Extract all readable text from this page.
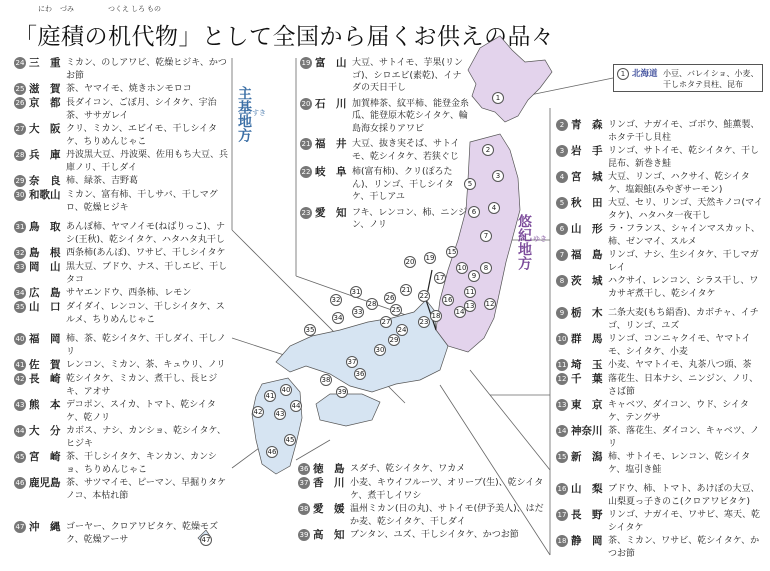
「庭積の机代物」として全国から届くお供えの品々
にわ づみ	つくえ しろ もの
主基地方 すき
悠紀地方 ゆき
1 北海道 小豆、バレイショ、小麦、干しホタテ貝柱、昆布
24 三　重 ミカン、のしアワビ、乾燥ヒジキ、かつお節
25 滋　賀 茶、ヤマイモ、焼きホンモロコ
26 京　都 長ダイコン、ごぼ月、シイタケ、宇治茶、ササガレイ
27 大　阪 クリ、ミカン、エビイモ、干しシイタケ、ちりめんじゃこ
28 兵　庫 丹波黒大豆、丹波栗、佐用もち大豆、兵庫ノリ、干しダイ
29 奈　良 柿、緑茶、吉野葛
30 和歌山 ミカン、富有柿、干しサバ、干しマグロ、乾燥ヒジキ
31 鳥　取 あんぽ柿、ヤマノイモ(ねばりっこ)、ナシ(王秋)、乾シイタケ、ハタハタ丸干し
32 島　根 西条柿(あんぽ)、ワサビ、干しシイタケ
33 岡　山 黒大豆、ブドウ、ナス、干しエビ、干しタコ
34 広　島 サヤエンドウ、西条柿、レモン
35 山　口 ダイダイ、レンコン、干しシイタケ、スルメ、ちりめんじゃこ
40 福　岡 柿、茶、乾シイタケ、干しダイ、干しノリ
41 佐　賀 レンコン、ミカン、茶、キュウリ、ノリ
42 長　崎 乾シイタケ、ミカン、煮干し、長ヒジキ、アオサ
43 熊　本 デコポン、スイカ、トマト、乾シイタケ、乾ノリ
44 大　分 カボス、ナシ、カンショ、乾シイタケ、ヒジキ
45 宮　崎 茶、干しシイタケ、キンカン、カンショ、ちりめんじゃこ
46 鹿児島 茶、サツマイモ、ピーマン、早掘りタケノコ、本枯れ節
47 沖　縄 ゴーヤー、クロアワビタケ、乾燥モズク、乾燥アーサ
19 富　山 大豆、サトイモ、芋果(リンゴ)、シロエビ(素乾)、イナダの天日干し
20 石　川 加賀棒茶、紋平柿、能登金糸瓜、能登原木乾シイタケ、輪島海女採りアワビ
21 福　井 大豆、抜き実そば、サトイモ、乾シイタケ、若狭ぐじ
22 岐　阜 柿(富有柿)、クリ(ぽろたん)、リンゴ、干しシイタケ、干しアユ
23 愛　知 フキ、レンコン、柿、ニンジン、ノリ
36 徳　島 スダチ、乾シイタケ、ワカメ
37 香　川 小麦、キウイフルーツ、オリーブ(生)、乾シイタケ、煮干しイワシ
38 愛　媛 温州ミカン(日の丸)、サトイモ(伊予美人)、はだか麦、乾シイタケ、干しダイ
39 高　知 ブンタン、ユズ、干しシイタケ、かつお節
2 青　森 リンゴ、ナガイモ、ゴボウ、鮭薫製、ホタテ干し貝柱
3 岩　手 リンゴ、サトイモ、乾シイタケ、干し昆布、新巻き鮭
4 宮　城 大豆、リンゴ、ハクサイ、乾シイタケ、塩銀鮭(みやぎサーモン)
5 秋　田 大豆、セリ、リンゴ、天然キノコ(マイタケ)、ハタハタ一夜干し
6 山　形 ラ・フランス、シャインマスカット、柿、ゼンマイ、スルメ
7 福　島 リンゴ、ナシ、生シイタケ、干しマガレイ
8 茨　城 ハクサイ、レンコン、シラス干し、ワカサギ煮干し、乾シイタケ
9 栃　木 二条大麦(もち絹香)、カボチャ、イチゴ、リンゴ、ユズ
10 群　馬 リンゴ、コンニャクイモ、ヤマトイモ、シイタケ、小麦
11 埼　玉 小麦、ヤマトイモ、丸茶八つ頭、茶
12 千　葉 落花生、日本ナシ、ニンジン、ノリ、さば節
13 東　京 キャベツ、ダイコン、ウド、シイタケ、テングサ
14 神奈川 茶、落花生、ダイコン、キャベツ、ノリ
15 新　潟 柿、サトイモ、レンコン、乾シイタケ、塩引き鮭
16 山　梨 ブドウ、柿、トマト、あけぼの大豆、山梨夏っ子きのこ(クロアワビタケ)
17 長　野 リンゴ、ナガイモ、ワサビ、寒天、乾シイタケ
18 静　岡 茶、ミカン、ワサビ、乾シイタケ、かつお節
1
2
3
4
5
6
7
8
9
10
11
12
13
14
15
16
17
18
19
20
21
22
23
24
25
26
27
28
29
30
31
32
33
34
35
36
37
38
39
40
41
42 43
44
45
46
47
